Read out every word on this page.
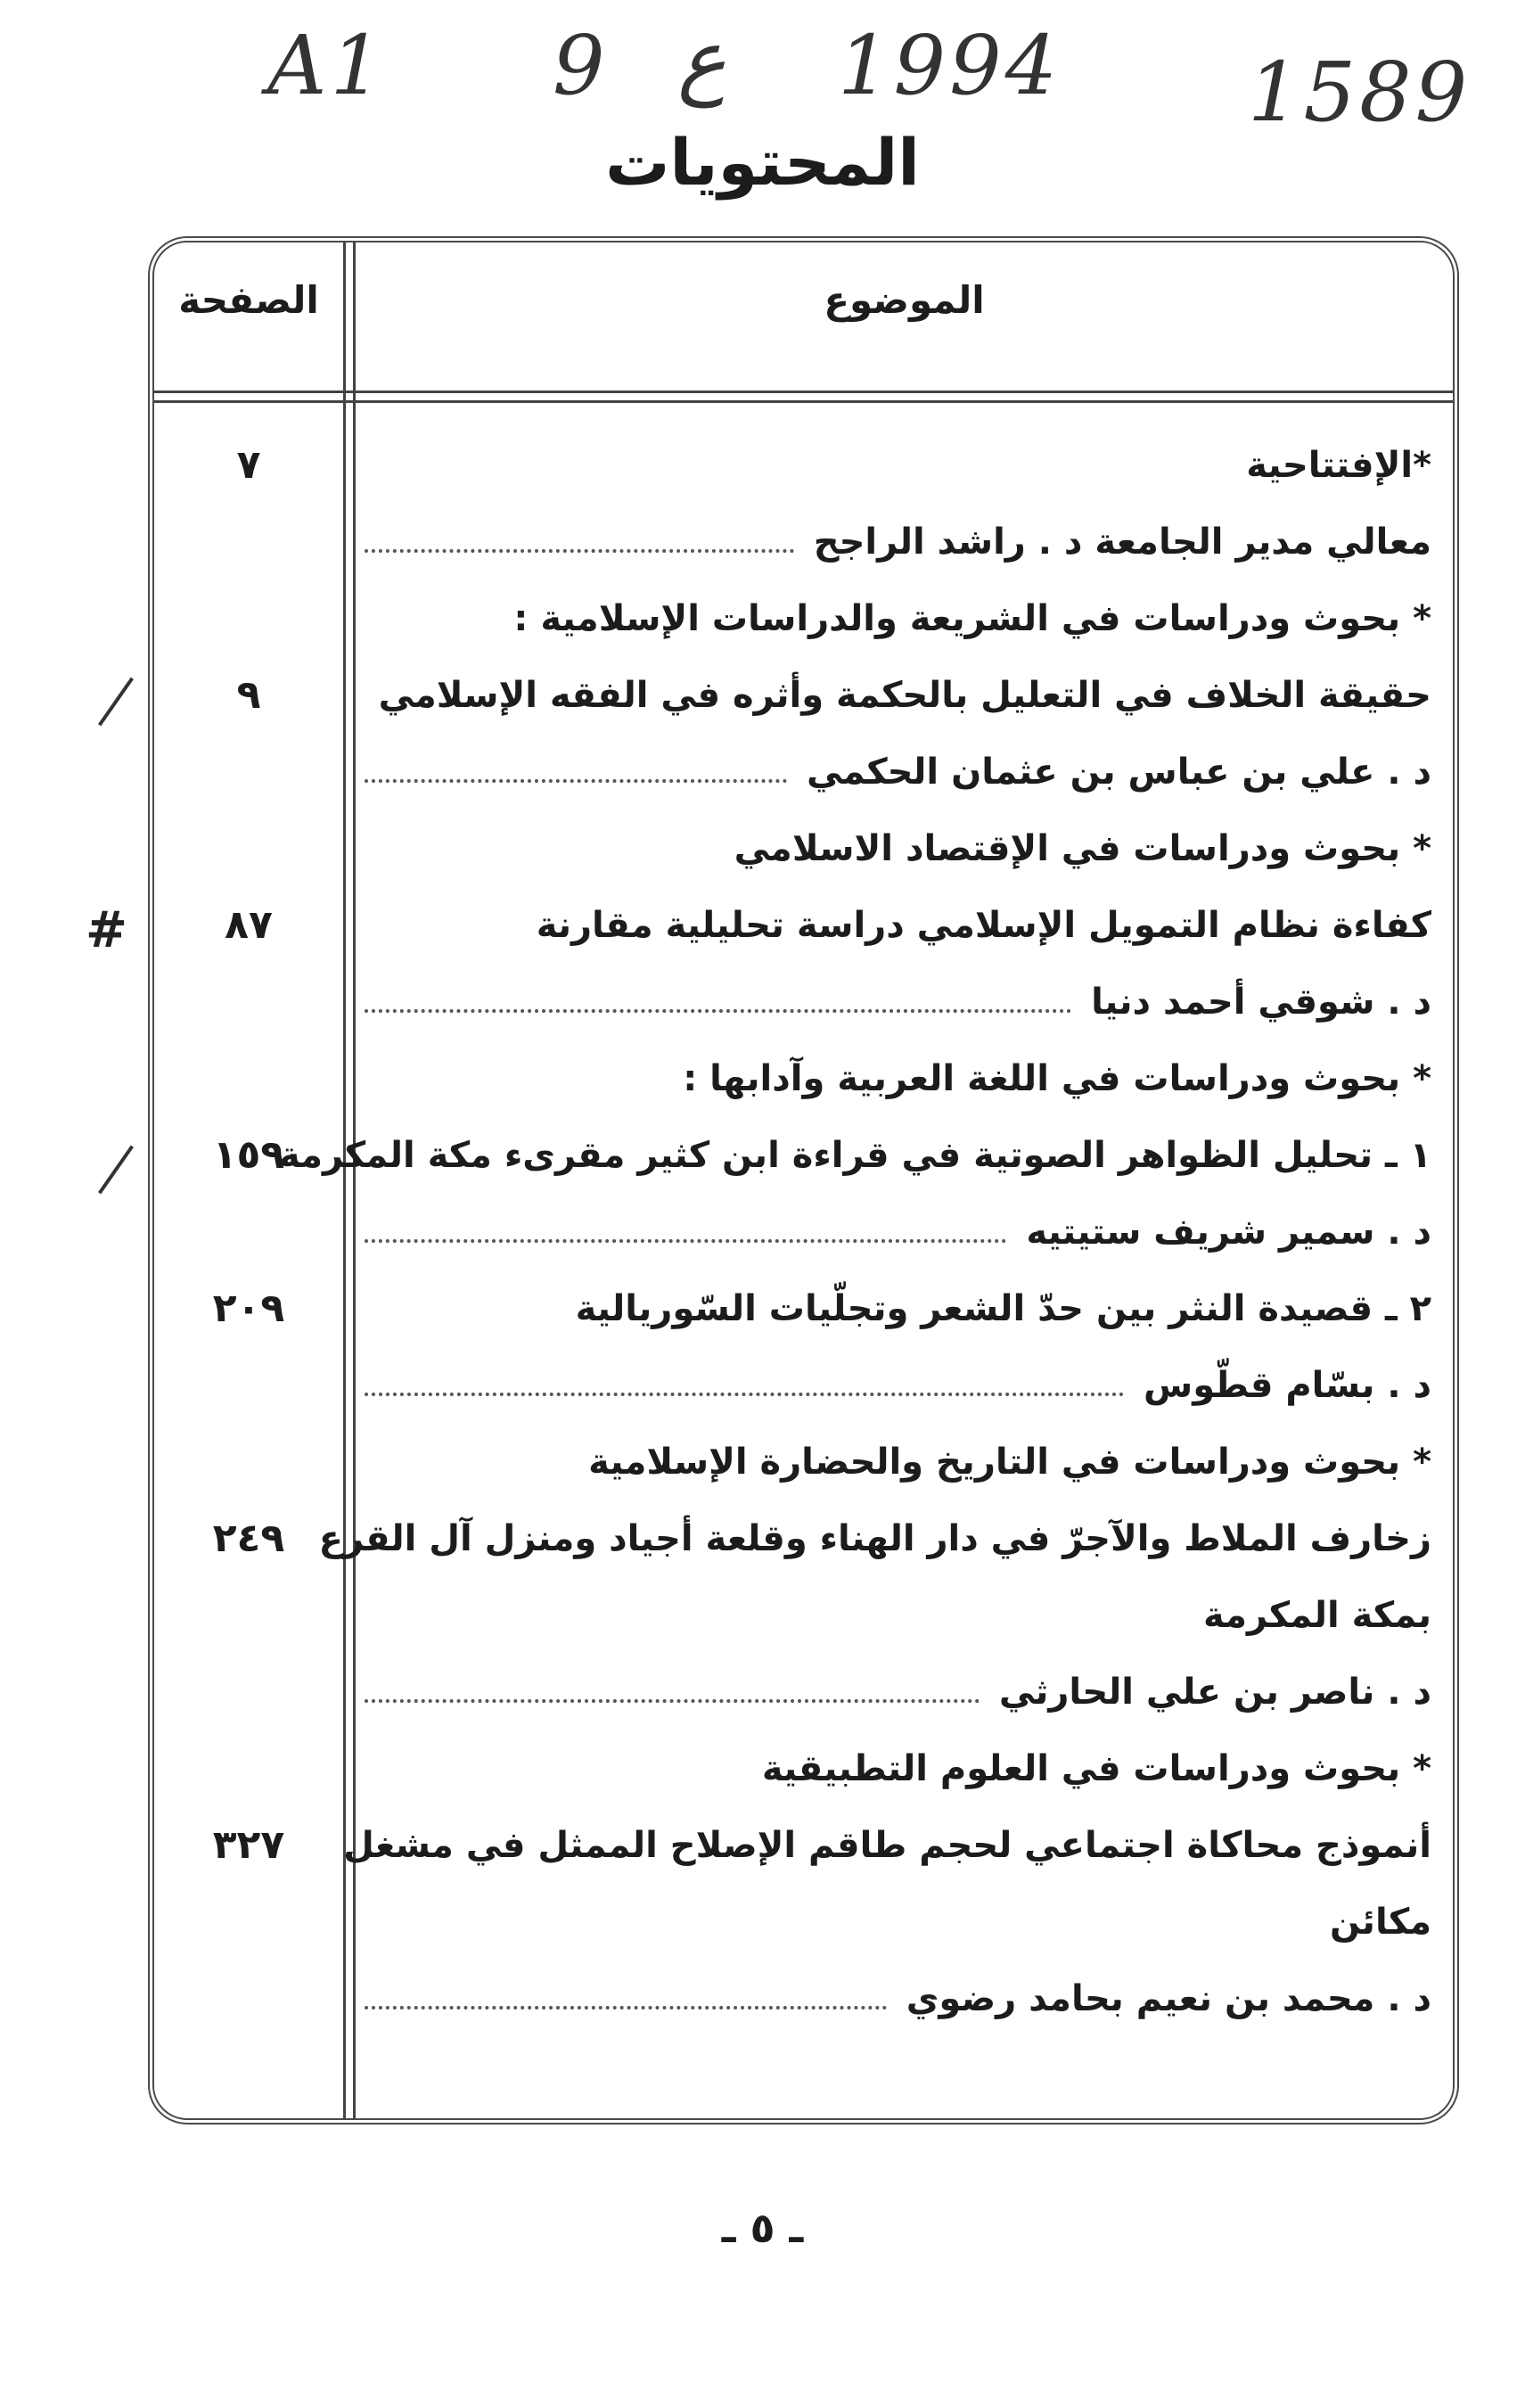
A1 9 ع 1994 1589
المحتويات
الصفحة	الموضوع
*الإفتتاحية
٧
معالي مدير الجامعة د . راشد الراجح
* بحوث ودراسات في الشريعة والدراسات الإسلامية :
حقيقة الخلاف في التعليل بالحكمة وأثره في الفقه الإسلامي
٩
د . علي بن عباس بن عثمان الحكمي
* بحوث ودراسات في الإقتصاد الاسلامي
كفاءة نظام التمويل الإسلامي دراسة تحليلية مقارنة
٨٧
د . شوقي أحمد دنيا
* بحوث ودراسات في اللغة العربية وآدابها :
١ ـ تحليل الظواهر الصوتية في قراءة ابن كثير مقرىء مكة المكرمة
١٥٩
د . سمير شريف ستيتيه
٢ ـ قصيدة النثر بين حدّ الشعر وتجلّيات السّوريالية
٢٠٩
د . بسّام قطّوس
* بحوث ودراسات في التاريخ والحضارة الإسلامية
زخارف الملاط والآجرّ في دار الهناء وقلعة أجياد ومنزل آل القرع
٢٤٩
بمكة المكرمة
د . ناصر بن علي الحارثي
* بحوث ودراسات في العلوم التطبيقية
أنموذج محاكاة اجتماعي لحجم طاقم الإصلاح الممثل في مشغل
٣٢٧
مكائن
د . محمد بن نعيم بحامد رضوي
#
ـ ٥ ـ
